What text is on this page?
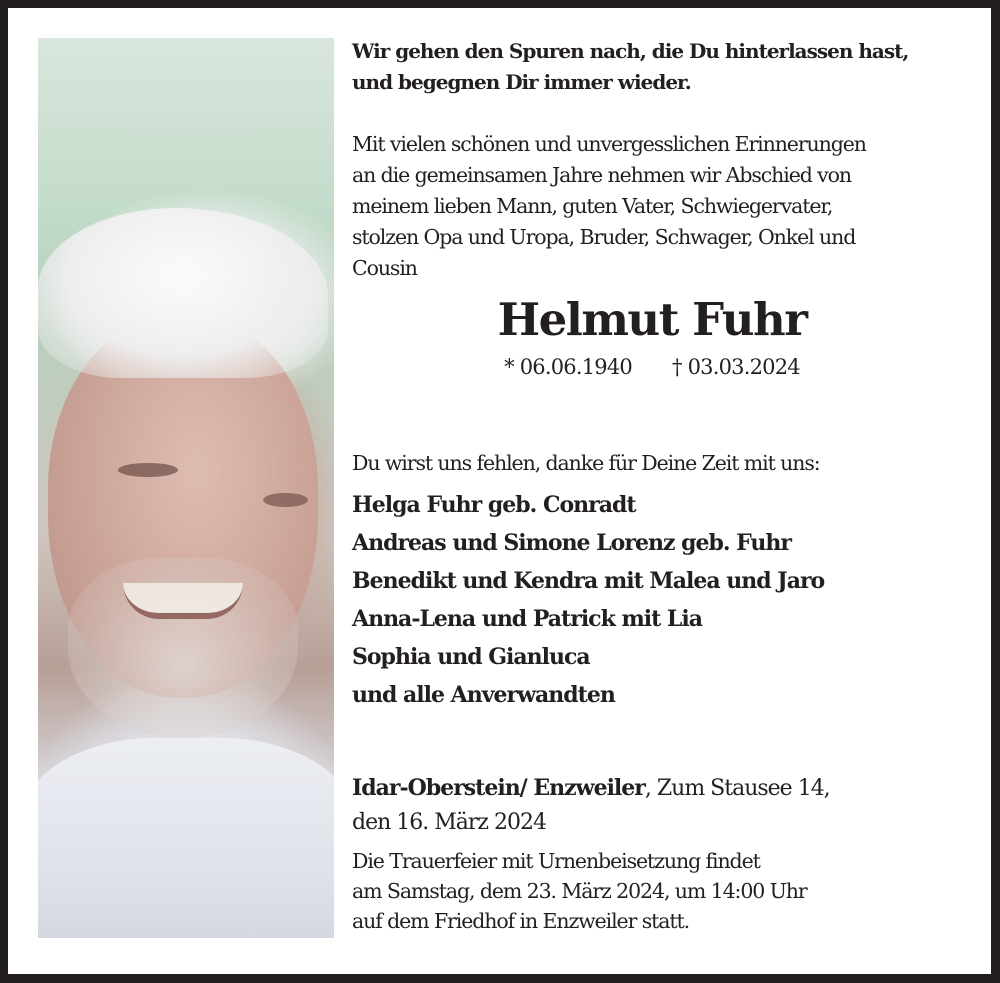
Wir gehen den Spuren nach, die Du hinterlassen hast,
und begegnen Dir immer wieder.
Mit vielen schönen und unvergesslichen Erinnerungen
an die gemeinsamen Jahre nehmen wir Abschied von
meinem lieben Mann, guten Vater, Schwiegervater,
stolzen Opa und Uropa, Bruder, Schwager, Onkel und
Cousin
Helmut Fuhr
* 06.06.1940 † 03.03.2024
Du wirst uns fehlen, danke für Deine Zeit mit uns:
Helga Fuhr geb. Conradt
Andreas und Simone Lorenz geb. Fuhr
Benedikt und Kendra mit Malea und Jaro
Anna-Lena und Patrick mit Lia
Sophia und Gianluca
und alle Anverwandten
Idar-Oberstein/ Enzweiler, Zum Stausee 14,
den 16. März 2024
Die Trauerfeier mit Urnenbeisetzung findet
am Samstag, dem 23. März 2024, um 14:00 Uhr
auf dem Friedhof in Enzweiler statt.
